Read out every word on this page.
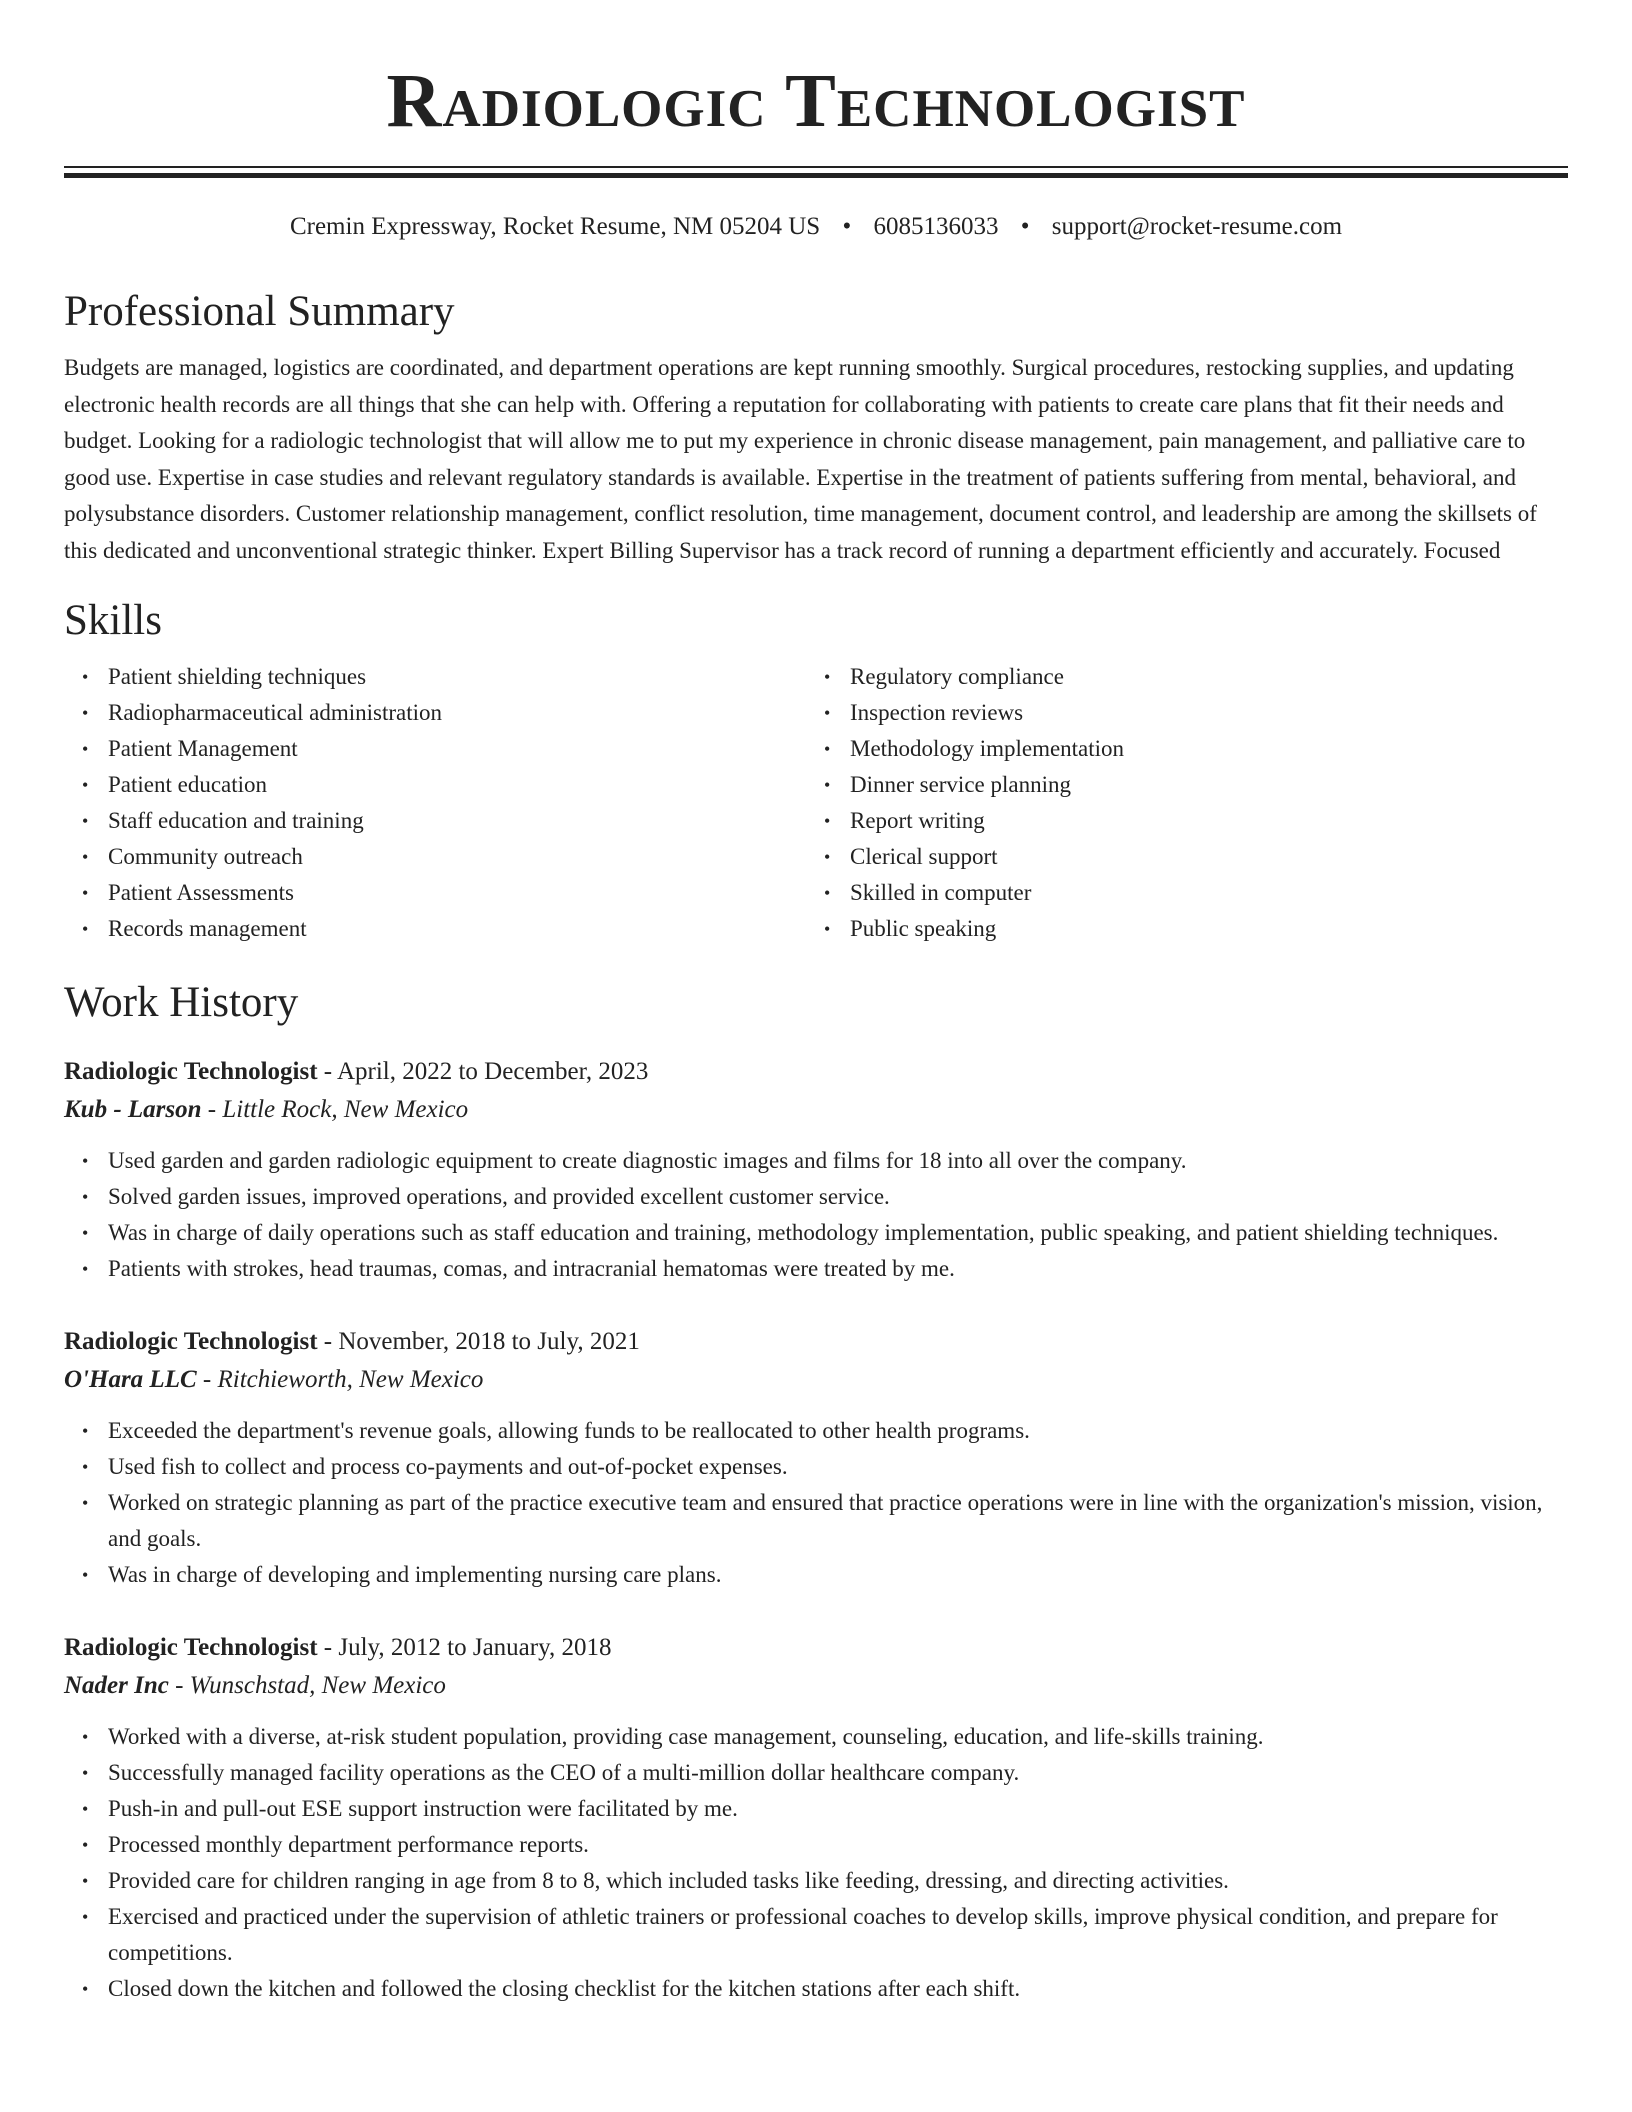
Radiologic Technologist
Cremin Expressway, Rocket Resume, NM 05204 US • 6085136033 • support@rocket-resume.com
Professional Summary

Budgets are managed, logistics are coordinated, and department operations are kept running smoothly. Surgical procedures, restocking supplies, and updating electronic health records are all things that she can help with. Offering a reputation for collaborating with patients to create care plans that fit their needs and budget. Looking for a radiologic technologist that will allow me to put my experience in chronic disease management, pain management, and palliative care to good use. Expertise in case studies and relevant regulatory standards is available. Expertise in the treatment of patients suffering from mental, behavioral, and polysubstance disorders. Customer relationship management, conflict resolution, time management, document control, and leadership are among the skillsets of this dedicated and unconventional strategic thinker. Expert Billing Supervisor has a track record of running a department efficiently and accurately. Focused

Skills
• Patient shielding techniques
• Radiopharmaceutical administration
• Patient Management
• Patient education
• Staff education and training
• Community outreach
• Patient Assessments
• Records management
• Regulatory compliance
• Inspection reviews
• Methodology implementation
• Dinner service planning
• Report writing
• Clerical support
• Skilled in computer
• Public speaking
Work History
Radiologic Technologist - April, 2022 to December, 2023
Kub - Larson - Little Rock, New Mexico
• Used garden and garden radiologic equipment to create diagnostic images and films for 18 into all over the company.
• Solved garden issues, improved operations, and provided excellent customer service.
• Was in charge of daily operations such as staff education and training, methodology implementation, public speaking, and patient shielding techniques.
• Patients with strokes, head traumas, comas, and intracranial hematomas were treated by me.
Radiologic Technologist - November, 2018 to July, 2021
O'Hara LLC - Ritchieworth, New Mexico
• Exceeded the department's revenue goals, allowing funds to be reallocated to other health programs.
• Used fish to collect and process co-payments and out-of-pocket expenses.
• Worked on strategic planning as part of the practice executive team and ensured that practice operations were in line with the organization's mission, vision, and goals.
• Was in charge of developing and implementing nursing care plans.
Radiologic Technologist - July, 2012 to January, 2018
Nader Inc - Wunschstad, New Mexico
• Worked with a diverse, at-risk student population, providing case management, counseling, education, and life-skills training.
• Successfully managed facility operations as the CEO of a multi-million dollar healthcare company.
• Push-in and pull-out ESE support instruction were facilitated by me.
• Processed monthly department performance reports.
• Provided care for children ranging in age from 8 to 8, which included tasks like feeding, dressing, and directing activities.
• Exercised and practiced under the supervision of athletic trainers or professional coaches to develop skills, improve physical condition, and prepare for competitions.
• Closed down the kitchen and followed the closing checklist for the kitchen stations after each shift.
